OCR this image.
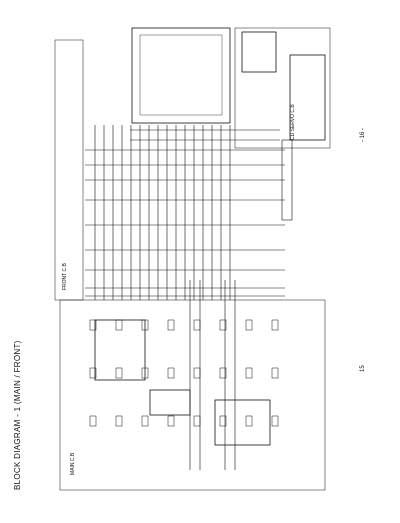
BLOCK DIAGRAM - 1 (MAIN / FRONT)
FRONT C.B
MAIN C.B
CD SERVO C.B	- 16 -
15
